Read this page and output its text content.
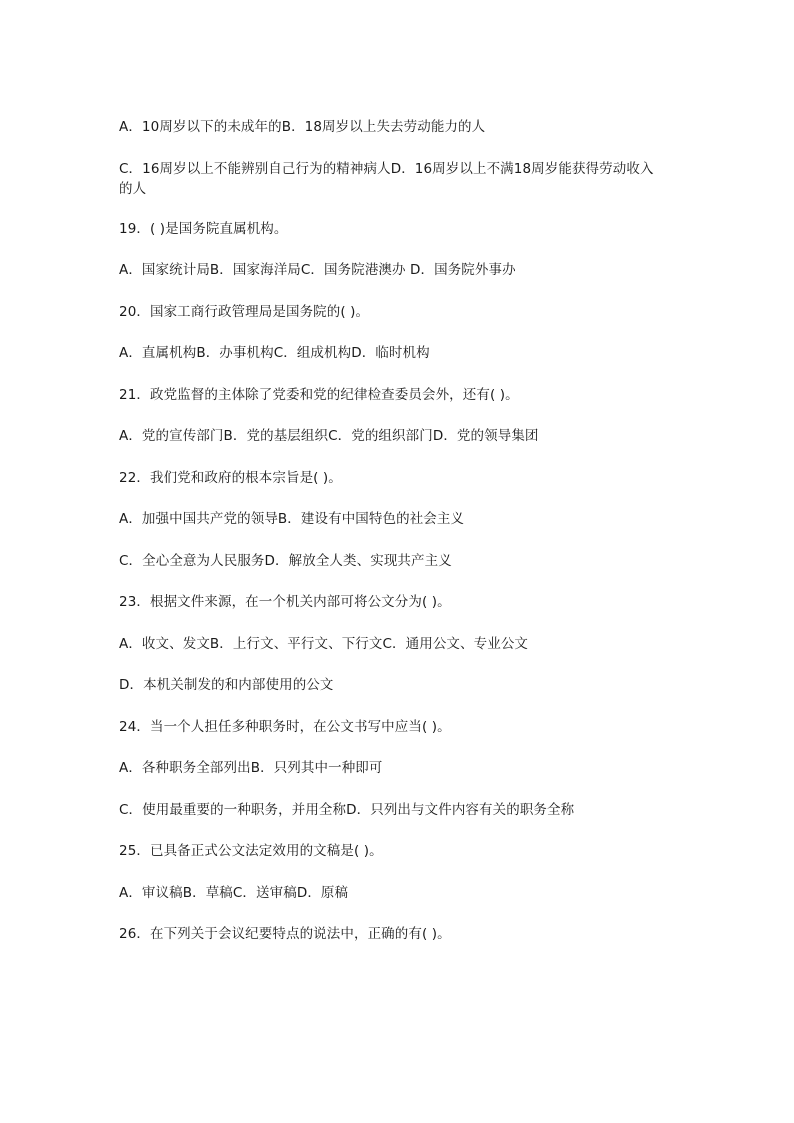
A．10周岁以下的未成年的B．18周岁以上失去劳动能力的人

C．16周岁以上不能辨别自己行为的精神病人D．16周岁以上不满18周岁能获得劳动收入的人

19．( )是国务院直属机构。

A．国家统计局B．国家海洋局C．国务院港澳办 D．国务院外事办

20．国家工商行政管理局是国务院的( )。

A．直属机构B．办事机构C．组成机构D．临时机构

21．政党监督的主体除了党委和党的纪律检查委员会外，还有( )。

A．党的宣传部门B．党的基层组织C．党的组织部门D．党的领导集团

22．我们党和政府的根本宗旨是( )。

A．加强中国共产党的领导B．建设有中国特色的社会主义

C．全心全意为人民服务D．解放全人类、实现共产主义

23．根据文件来源，在一个机关内部可将公文分为( )。

A．收文、发文B．上行文、平行文、下行文C．通用公文、专业公文

D．本机关制发的和内部使用的公文

24．当一个人担任多种职务时，在公文书写中应当( )。

A．各种职务全部列出B．只列其中一种即可

C．使用最重要的一种职务，并用全称D．只列出与文件内容有关的职务全称

25．已具备正式公文法定效用的文稿是( )。

A．审议稿B．草稿C．送审稿D．原稿

26．在下列关于会议纪要特点的说法中，正确的有( )。
